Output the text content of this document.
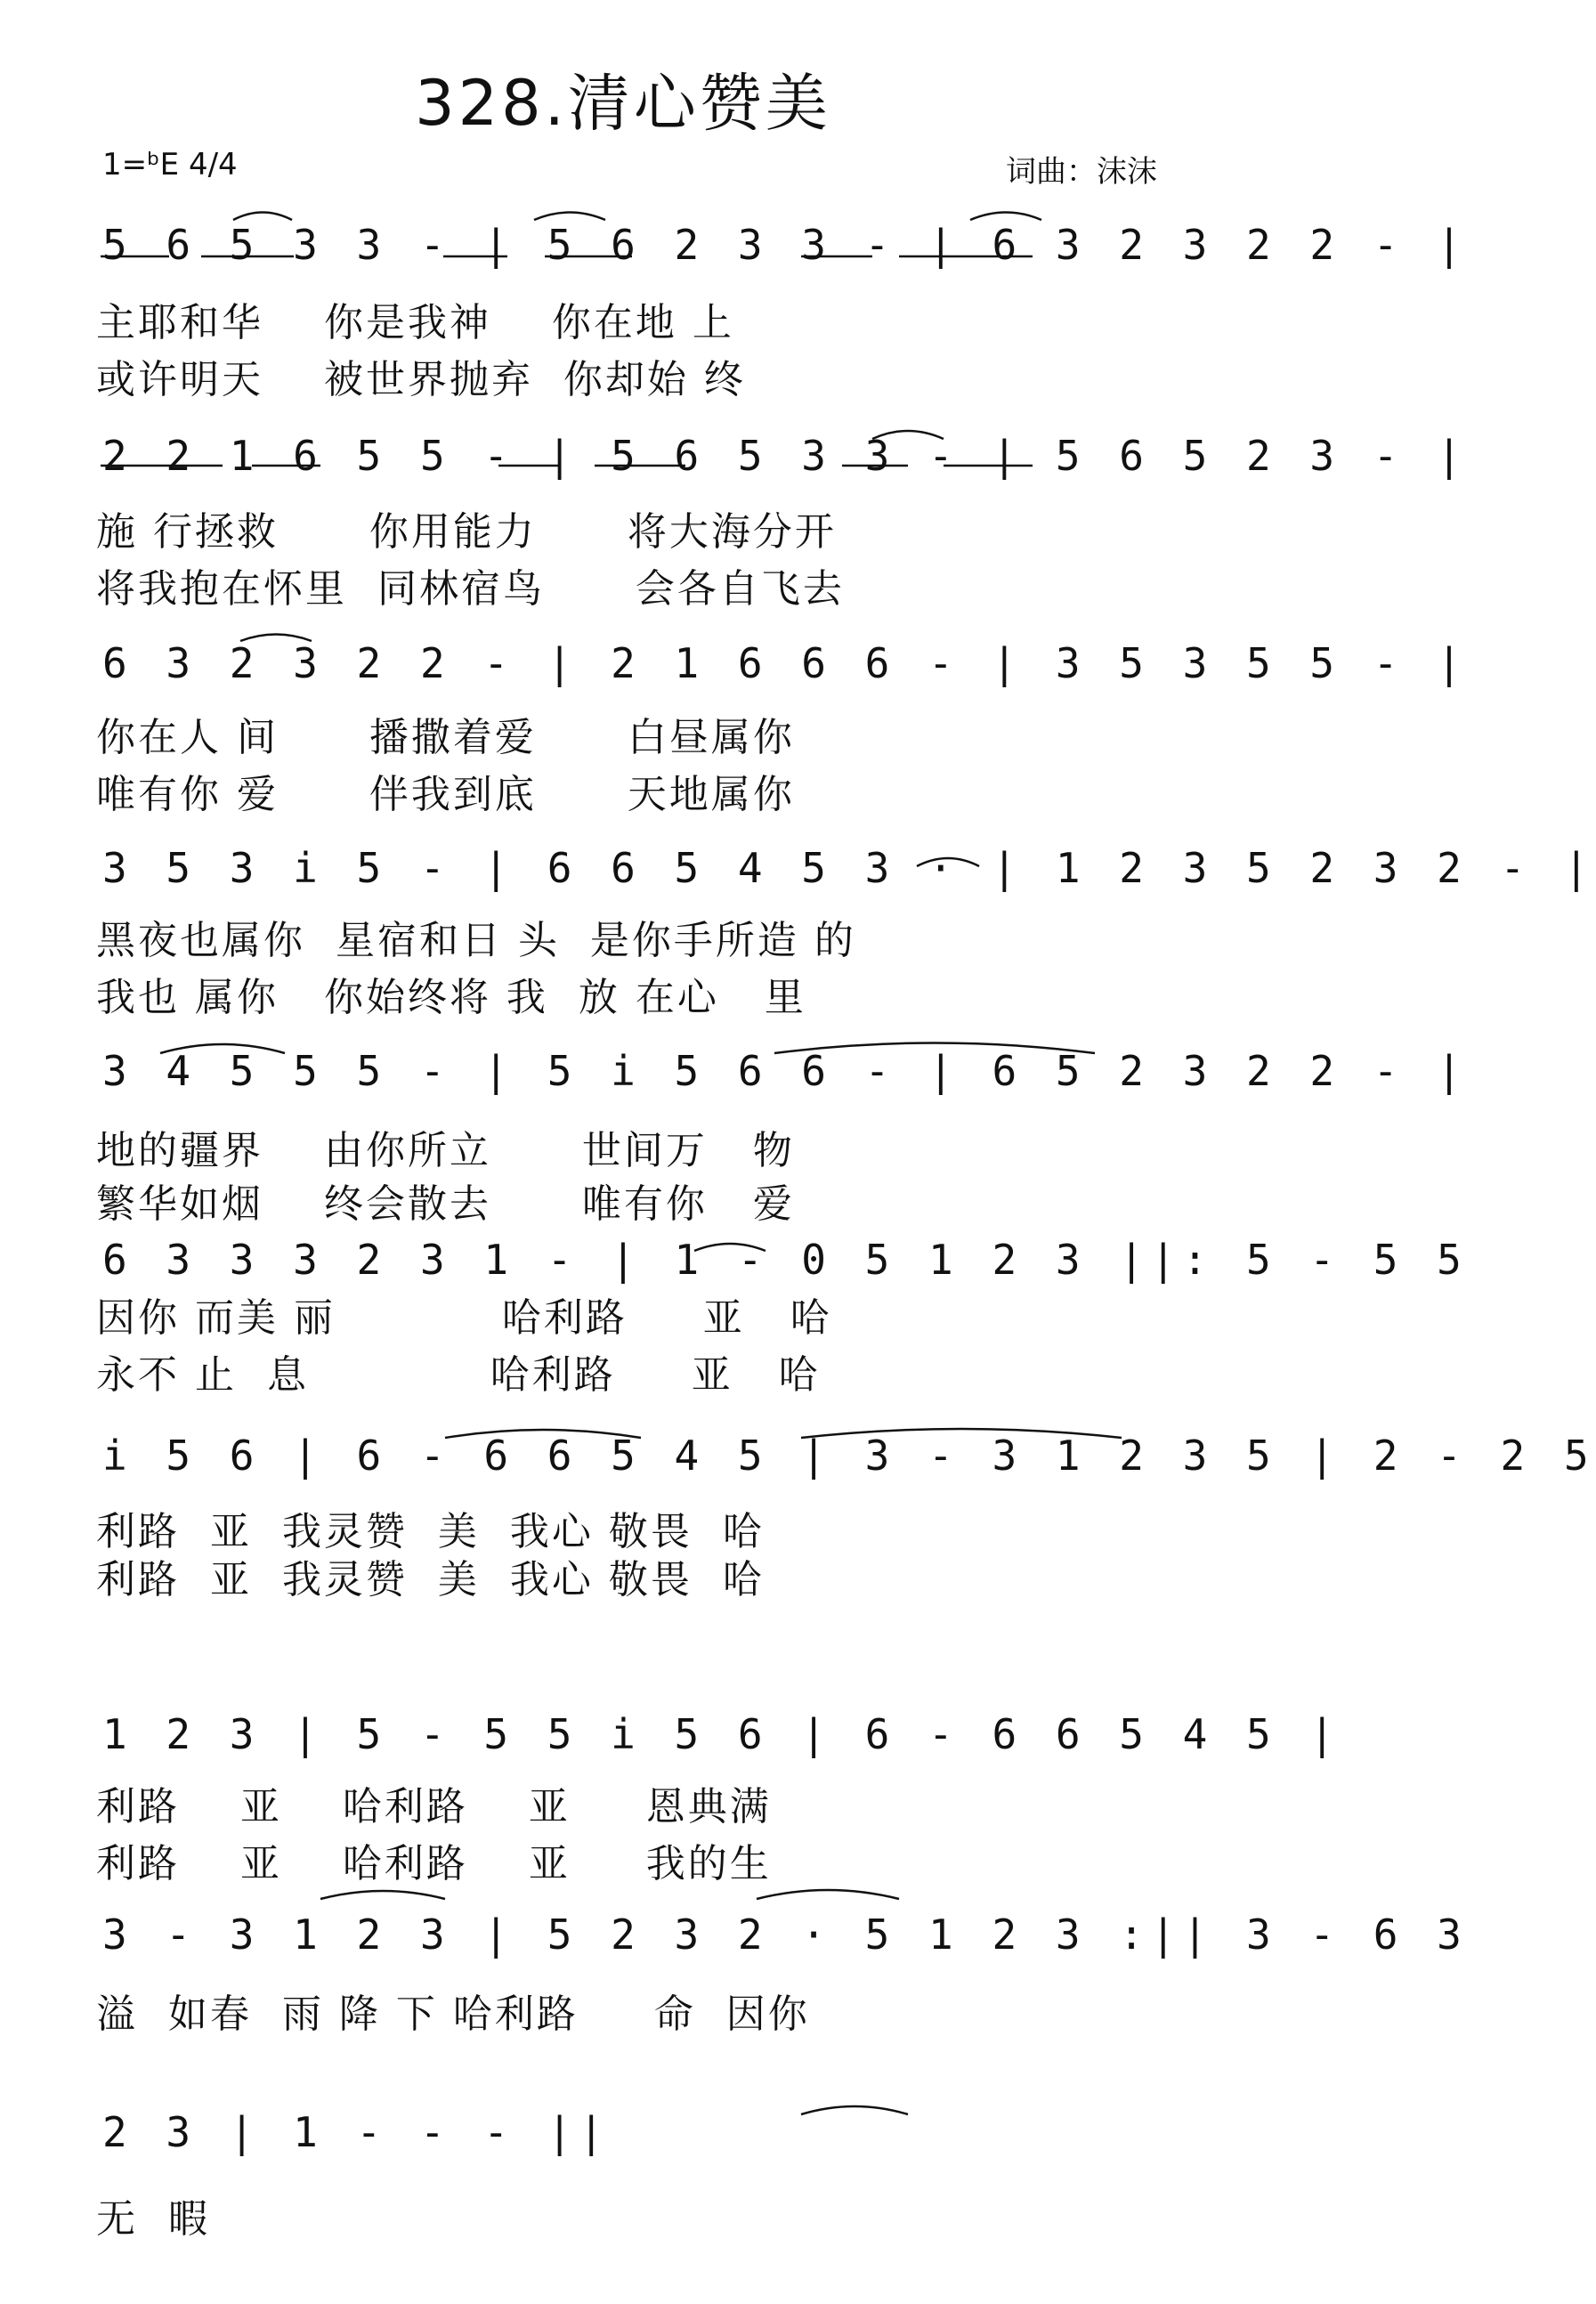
328.清心赞美
1=ᵇE 4/4	词曲：沫沫
5 6 5 3 3 - | 5 6 2 3 3 - | 6 3 2 3 2 2 - |
主耶和华    你是我神    你在地 上
或许明天    被世界抛弃  你却始 终
2 2 1 6 5 5 - | 5 6 5 3 3 - | 5 6 5 2 3 - |
施 行拯救      你用能力      将大海分开
将我抱在怀里  同林宿鸟      会各自飞去
6 3 2 3 2 2 - | 2 1 6 6 6 - | 3 5 3 5 5 - |
你在人 间      播撒着爱      白昼属你
唯有你 爱      伴我到底      天地属你
3 5 3 i 5 - | 6 6 5 4 5 3 · | 1 2 3 5 2 3 2 - |
黑夜也属你  星宿和日 头  是你手所造 的
我也 属你   你始终将 我  放 在心   里
3 4 5 5 5 - | 5 i 5 6 6 - | 6 5 2 3 2 2 - |
地的疆界    由你所立      世间万   物
繁华如烟    终会散去      唯有你   爱
6 3 3 3 2 3 1 - | 1 - 0 5 1 2 3 ||: 5 - 5 5
因你 而美 丽           哈利路     亚   哈
永不 止  息            哈利路     亚   哈
i 5 6 | 6 - 6 6 5 4 5 | 3 - 3 1 2 3 5 | 2 - 2 5
利路  亚  我灵赞  美  我心 敬畏  哈
利路  亚  我灵赞  美  我心 敬畏  哈
1 2 3 | 5 - 5 5 i 5 6 | 6 - 6 6 5 4 5 |
利路    亚    哈利路    亚     恩典满
利路    亚    哈利路    亚     我的生
3 - 3 1 2 3 | 5 2 3 2 · 5 1 2 3 :|| 3 - 6 3
溢  如春  雨 降 下 哈利路     命  因你
2 3 | 1 - - - ||
无  暇
